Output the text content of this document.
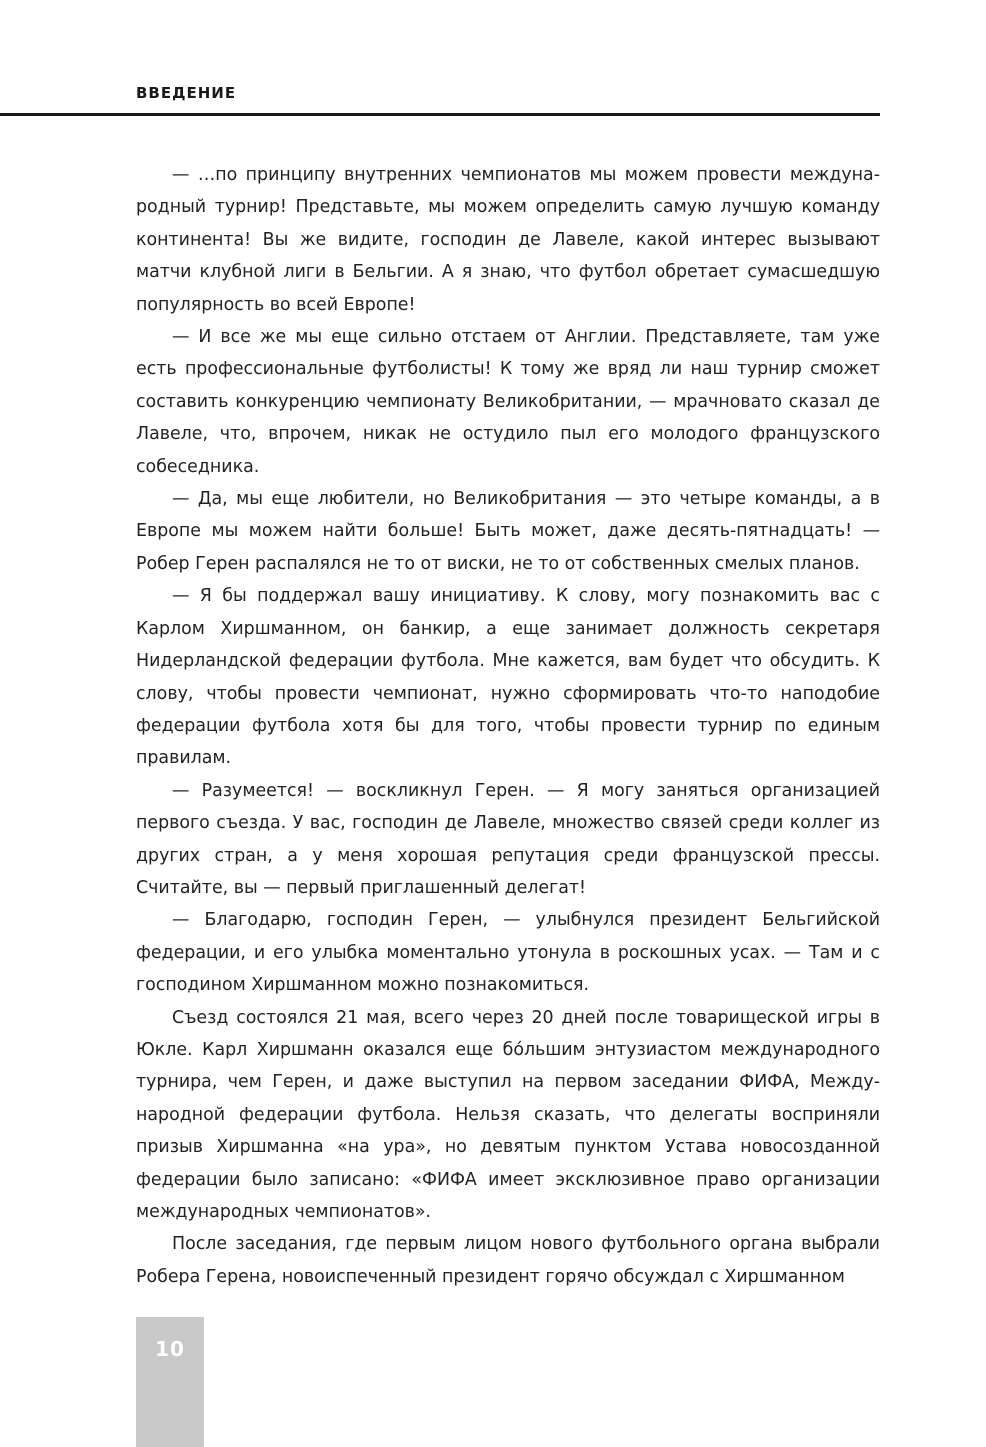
ВВЕДЕНИЕ

— …по принципу внутренних чемпионатов мы можем провести международный турнир! Представьте, мы можем определить самую лучшую команду континента! Вы же видите, господин де Лавеле, какой интерес вызывают матчи клубной лиги в Бельгии. А я знаю, что футбол обретает сумасшедшую популярность во всей Европе!

— И все же мы еще сильно отстаем от Англии. Представляете, там уже есть профессиональные футболисты! К тому же вряд ли наш турнир сможет составить конкуренцию чемпионату Великобритании, — мрачновато сказал де Лавеле, что, впрочем, никак не остудило пыл его молодого французского собеседника.

— Да, мы еще любители, но Великобритания — это четыре команды, а в Европе мы можем найти больше! Быть может, даже десять-пятнадцать! — Робер Герен распалялся не то от виски, не то от собственных смелых планов.

— Я бы поддержал вашу инициативу. К слову, могу познакомить вас с Карлом Хиршманном, он банкир, а еще занимает должность секретаря Нидерландской федерации футбола. Мне кажется, вам будет что обсудить. К слову, чтобы провести чемпионат, нужно сформировать что-то наподобие федерации футбола хотя бы для того, чтобы провести турнир по единым правилам.

— Разумеется! — воскликнул Герен. — Я могу заняться организацией первого съезда. У вас, господин де Лавеле, множество связей среди коллег из других стран, а у меня хорошая репутация среди французской прессы. Считайте, вы — первый приглашенный делегат!

— Благодарю, господин Герен, — улыбнулся президент Бельгийской федерации, и его улыбка моментально утонула в роскошных усах. — Там и с господином Хиршманном можно познакомиться.

Съезд состоялся 21 мая, всего через 20 дней после товарищеской игры в Юкле. Карл Хиршманн оказался еще бóльшим энтузиастом международного турнира, чем Герен, и даже выступил на первом заседании ФИФА, Международной федерации футбола. Нельзя сказать, что делегаты восприняли призыв Хиршманна «на ура», но девятым пунктом Устава новосозданной федерации было записано: «ФИФА имеет эксклюзивное право организации международных чемпионатов».

После заседания, где первым лицом нового футбольного органа выбрали Робера Герена, новоиспеченный президент горячо обсуждал с Хиршманном

10
